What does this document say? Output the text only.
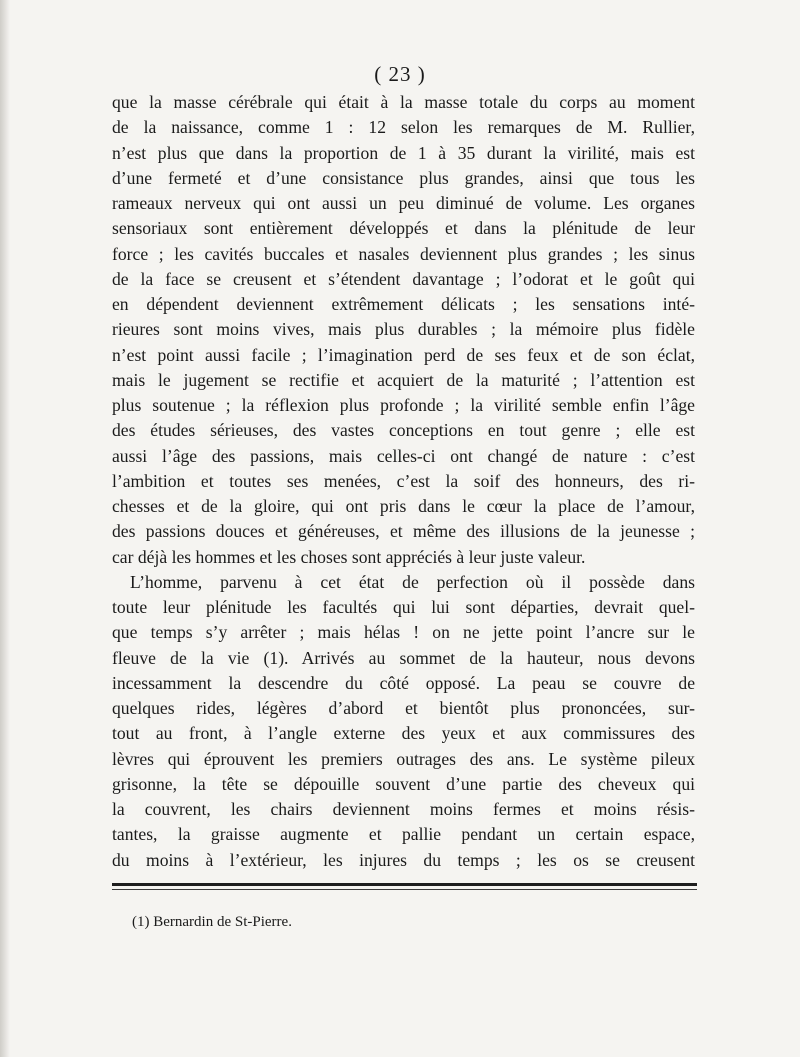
( 23 )
que la masse cérébrale qui était à la masse totale du corps au moment
de la naissance, comme 1 : 12 selon les remarques de M. Rullier,
n’est plus que dans la proportion de 1 à 35 durant la virilité, mais est
d’une fermeté et d’une consistance plus grandes, ainsi que tous les
rameaux nerveux qui ont aussi un peu diminué de volume. Les organes
sensoriaux sont entièrement développés et dans la plénitude de leur
force ; les cavités buccales et nasales deviennent plus grandes ; les sinus
de la face se creusent et s’étendent davantage ; l’odorat et le goût qui
en dépendent deviennent extrêmement délicats ; les sensations inté-
rieures sont moins vives, mais plus durables ; la mémoire plus fidèle
n’est point aussi facile ; l’imagination perd de ses feux et de son éclat,
mais le jugement se rectifie et acquiert de la maturité ; l’attention est
plus soutenue ; la réflexion plus profonde ; la virilité semble enfin l’âge
des études sérieuses, des vastes conceptions en tout genre ; elle est
aussi l’âge des passions, mais celles-ci ont changé de nature : c’est
l’ambition et toutes ses menées, c’est la soif des honneurs, des ri-
chesses et de la gloire, qui ont pris dans le cœur la place de l’amour,
des passions douces et généreuses, et même des illusions de la jeunesse ;
car déjà les hommes et les choses sont appréciés à leur juste valeur.
L’homme, parvenu à cet état de perfection où il possède dans
toute leur plénitude les facultés qui lui sont départies, devrait quel-
que temps s’y arrêter ; mais hélas ! on ne jette point l’ancre sur le
fleuve de la vie (1). Arrivés au sommet de la hauteur, nous devons
incessamment la descendre du côté opposé. La peau se couvre de
quelques rides, légères d’abord et bientôt plus prononcées, sur-
tout au front, à l’angle externe des yeux et aux commissures des
lèvres qui éprouvent les premiers outrages des ans. Le système pileux
grisonne, la tête se dépouille souvent d’une partie des cheveux qui
la couvrent, les chairs deviennent moins fermes et moins résis-
tantes, la graisse augmente et pallie pendant un certain espace,
du moins à l’extérieur, les injures du temps ; les os se creusent
(1) Bernardin de St-Pierre.
